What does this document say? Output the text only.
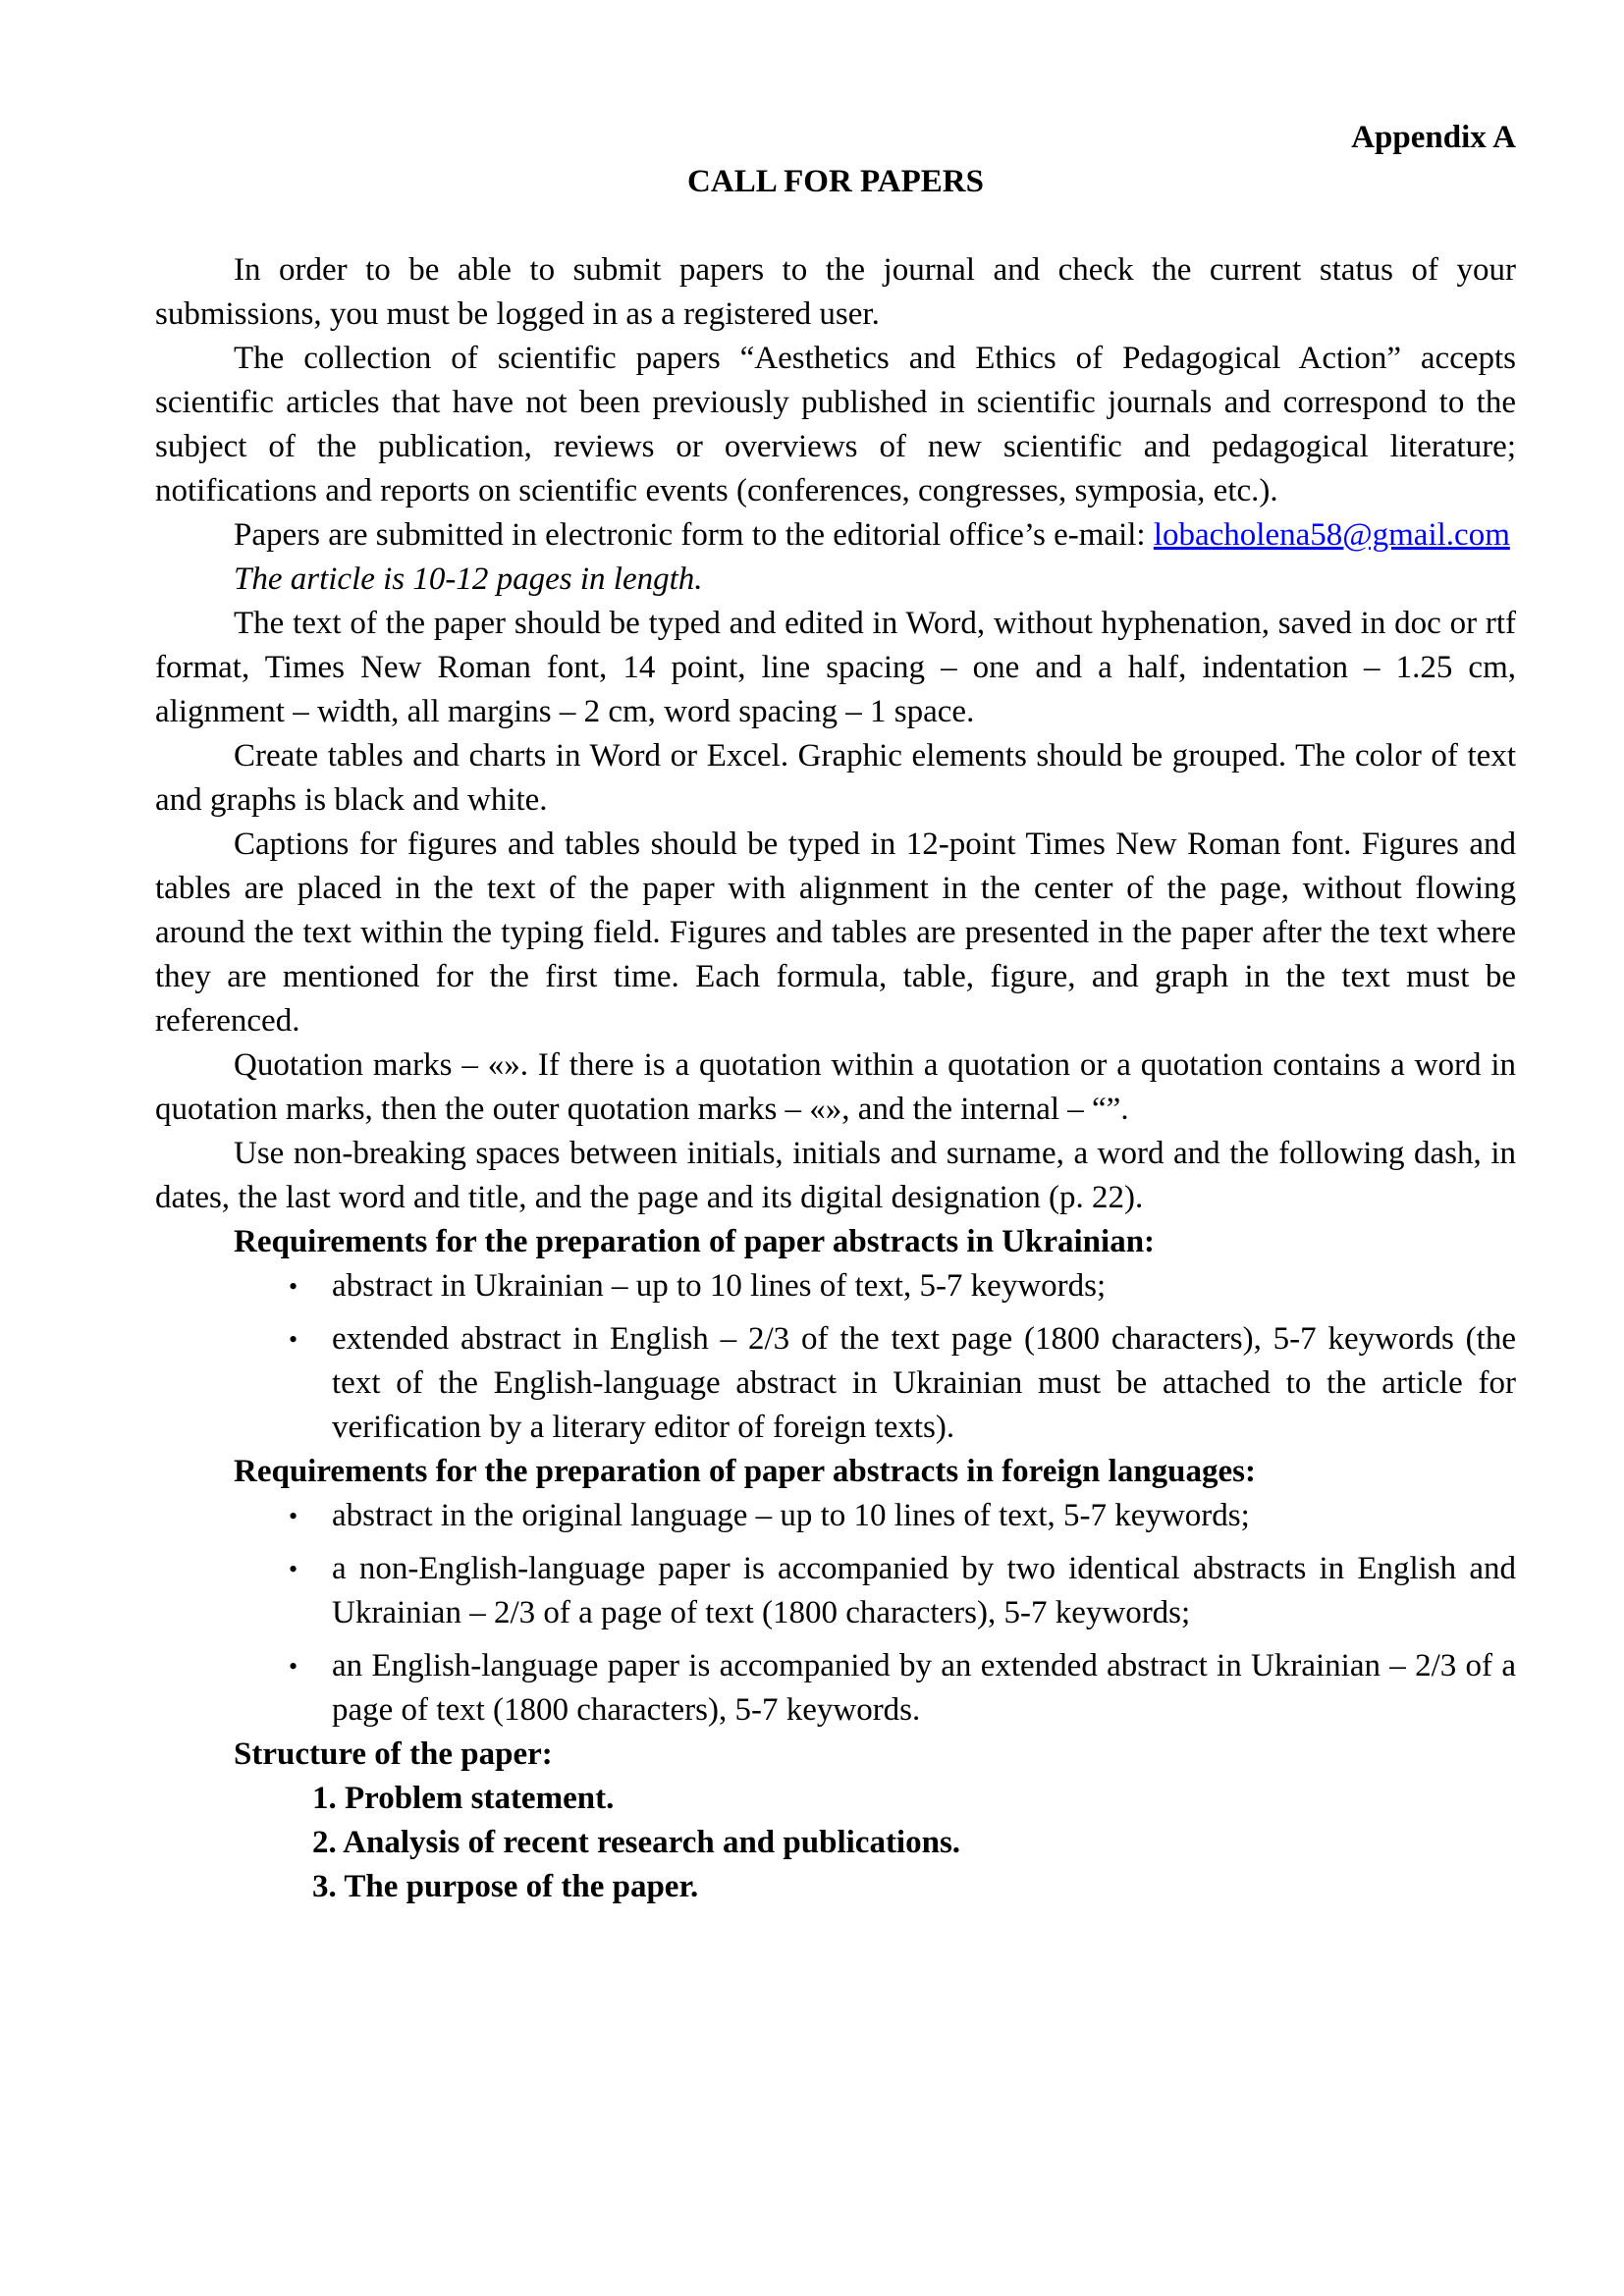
Appendix A
CALL FOR PAPERS

In order to be able to submit papers to the journal and check the current status of your submissions, you must be logged in as a registered user.

The collection of scientific papers “Aesthetics and Ethics of Pedagogical Action” accepts scientific articles that have not been previously published in scientific journals and correspond to the subject of the publication, reviews or overviews of new scientific and pedagogical literature; notifications and reports on scientific events (conferences, congresses, symposia, etc.).

Papers are submitted in electronic form to the editorial office’s e-mail: lobacholena58@gmail.com

The article is 10-12 pages in length.

The text of the paper should be typed and edited in Word, without hyphenation, saved in doc or rtf format, Times New Roman font, 14 point, line spacing – one and a half, indentation – 1.25 cm, alignment – width, all margins – 2 cm, word spacing – 1 space.

Create tables and charts in Word or Excel. Graphic elements should be grouped. The color of text and graphs is black and white.

Captions for figures and tables should be typed in 12-point Times New Roman font. Figures and tables are placed in the text of the paper with alignment in the center of the page, without flowing around the text within the typing field. Figures and tables are presented in the paper after the text where they are mentioned for the first time. Each formula, table, figure, and graph in the text must be referenced.

Quotation marks – «». If there is a quotation within a quotation or a quotation contains a word in quotation marks, then the outer quotation marks – «», and the internal – “”.

Use non-breaking spaces between initials, initials and surname, a word and the following dash, in dates, the last word and title, and the page and its digital designation (p. 22).

Requirements for the preparation of paper abstracts in Ukrainian:
• abstract in Ukrainian – up to 10 lines of text, 5-7 keywords;
• extended abstract in English – 2/3 of the text page (1800 characters), 5-7 keywords (the text of the English-language abstract in Ukrainian must be attached to the article for verification by a literary editor of foreign texts).
Requirements for the preparation of paper abstracts in foreign languages:
• abstract in the original language – up to 10 lines of text, 5-7 keywords;
• a non-English-language paper is accompanied by two identical abstracts in English and Ukrainian – 2/3 of a page of text (1800 characters), 5-7 keywords;
• an English-language paper is accompanied by an extended abstract in Ukrainian – 2/3 of a page of text (1800 characters), 5-7 keywords.
Structure of the paper:
1. Problem statement.
2. Analysis of recent research and publications.
3. The purpose of the paper.
